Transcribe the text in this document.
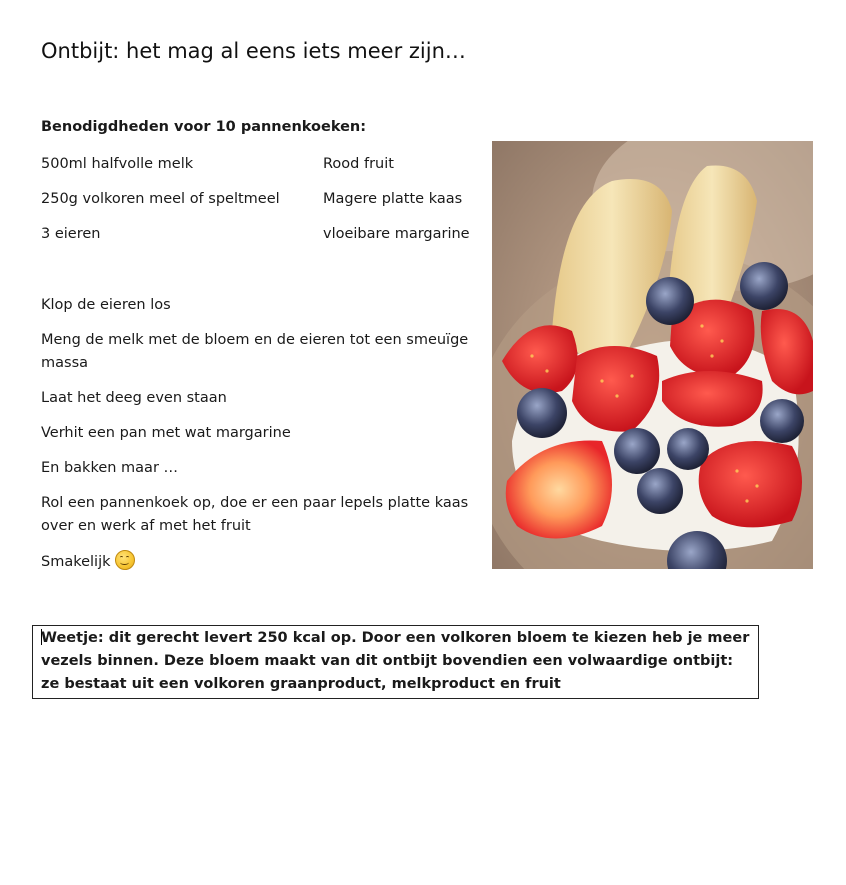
Ontbijt: het mag al eens iets meer zijn…
Benodigdheden voor 10 pannenkoeken:
500ml halfvolle melk
250g volkoren meel of speltmeel
3 eieren
Rood fruit
Magere platte kaas
vloeibare margarine

Klop de eieren los

Meng de melk met de bloem en de eieren tot een smeuïge massa

Laat het deeg even staan

Verhit een pan met wat margarine

En bakken maar …

Rol een pannenkoek op, doe er een paar lepels platte kaas over en werk af met het fruit

Smakelijk

Weetje: dit gerecht levert 250 kcal op. Door een volkoren bloem te kiezen heb je meer vezels binnen. Deze bloem maakt van dit ontbijt bovendien een volwaardige ontbijt: ze bestaat uit een volkoren graanproduct, melkproduct en fruit
